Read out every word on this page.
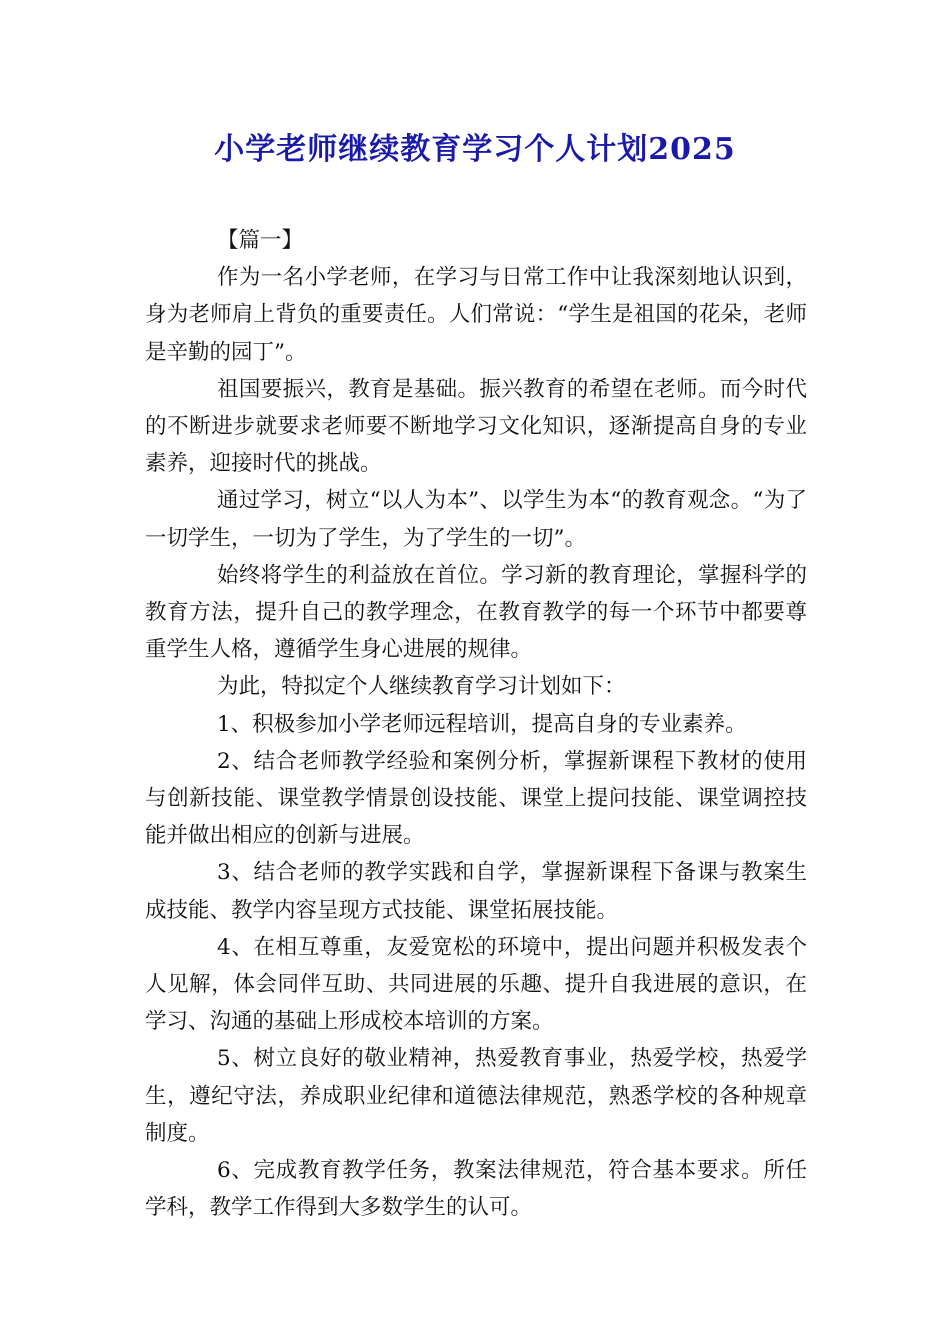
小学老师继续教育学习个人计划2025

【篇一】

作为一名小学老师，在学习与日常工作中让我深刻地认识到，身为老师肩上背负的重要责任。人们常说：“学生是祖国的花朵，老师是辛勤的园丁”。

祖国要振兴，教育是基础。振兴教育的希望在老师。而今时代的不断进步就要求老师要不断地学习文化知识，逐渐提高自身的专业素养，迎接时代的挑战。

通过学习，树立“以人为本”、以学生为本“的教育观念。“为了一切学生，一切为了学生，为了学生的一切”。

始终将学生的利益放在首位。学习新的教育理论，掌握科学的教育方法，提升自己的教学理念，在教育教学的每一个环节中都要尊重学生人格，遵循学生身心进展的规律。

为此，特拟定个人继续教育学习计划如下：

1、积极参加小学老师远程培训，提高自身的专业素养。

2、结合老师教学经验和案例分析，掌握新课程下教材的使用与创新技能、课堂教学情景创设技能、课堂上提问技能、课堂调控技能并做出相应的创新与进展。

3、结合老师的教学实践和自学，掌握新课程下备课与教案生成技能、教学内容呈现方式技能、课堂拓展技能。

4、在相互尊重，友爱宽松的环境中，提出问题并积极发表个人见解，体会同伴互助、共同进展的乐趣、提升自我进展的意识，在学习、沟通的基础上形成校本培训的方案。

5、树立良好的敬业精神，热爱教育事业，热爱学校，热爱学生，遵纪守法，养成职业纪律和道德法律规范，熟悉学校的各种规章制度。

6、完成教育教学任务，教案法律规范，符合基本要求。所任学科，教学工作得到大多数学生的认可。
